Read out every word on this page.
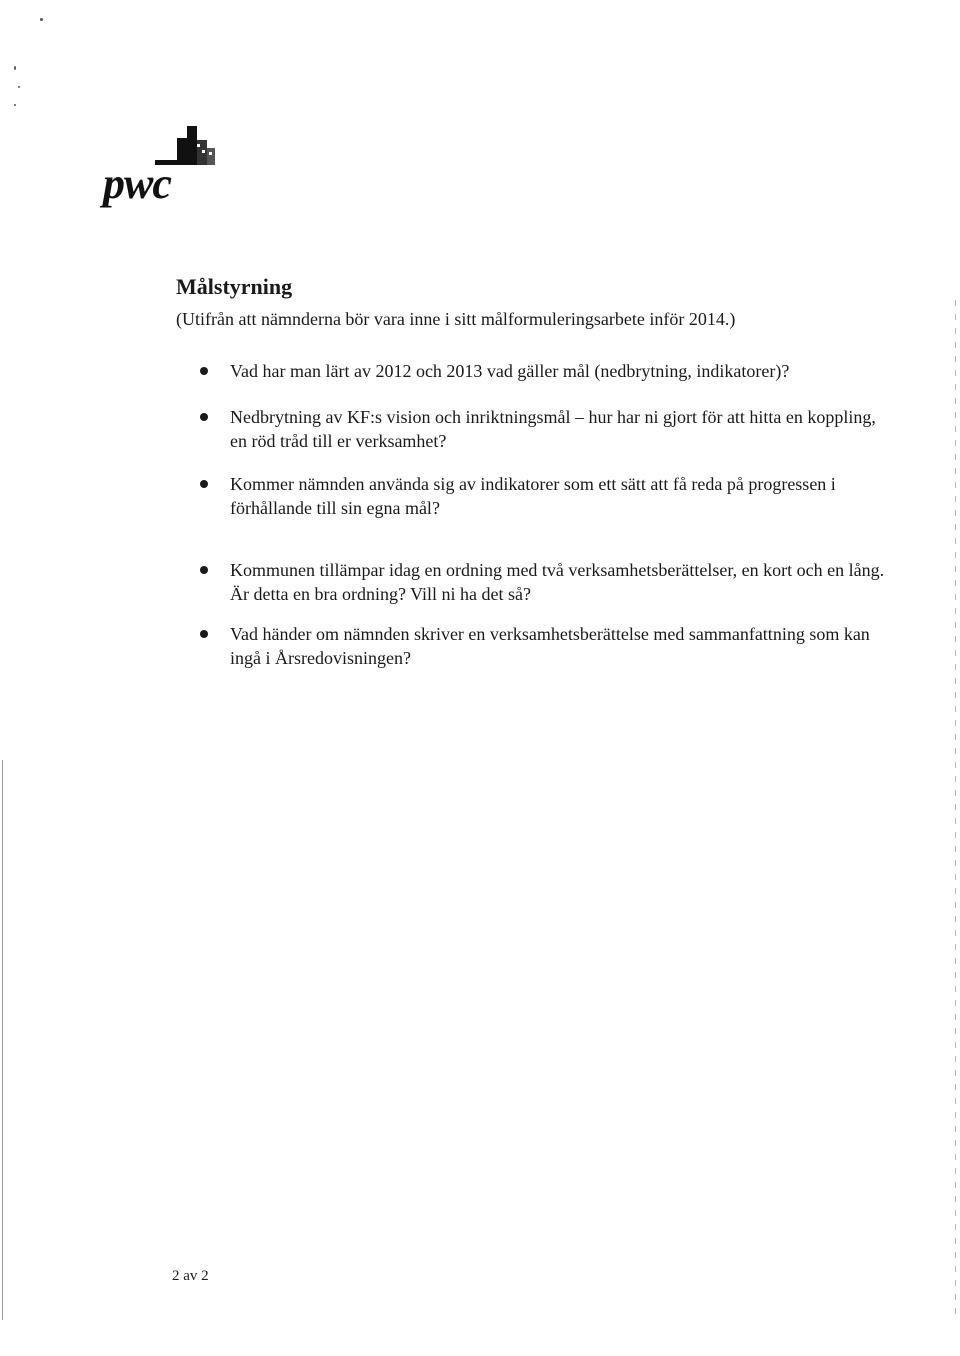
pwc
Målstyrning

(Utifrån att nämnderna bör vara inne i sitt målformuleringsarbete inför 2014.)

Vad har man lärt av 2012 och 2013 vad gäller mål (nedbrytning, indikatorer)?
Nedbrytning av KF:s vision och inriktningsmål – hur har ni gjort för att hitta en koppling, en röd tråd till er verksamhet?
Kommer nämnden använda sig av indikatorer som ett sätt att få reda på progressen i förhållande till sin egna mål?
Kommunen tillämpar idag en ordning med två verksamhetsberättelser, en kort och en lång. Är detta en bra ordning? Vill ni ha det så?
Vad händer om nämnden skriver en verksamhetsberättelse med sammanfattning som kan ingå i Årsredovisningen?
2 av 2
